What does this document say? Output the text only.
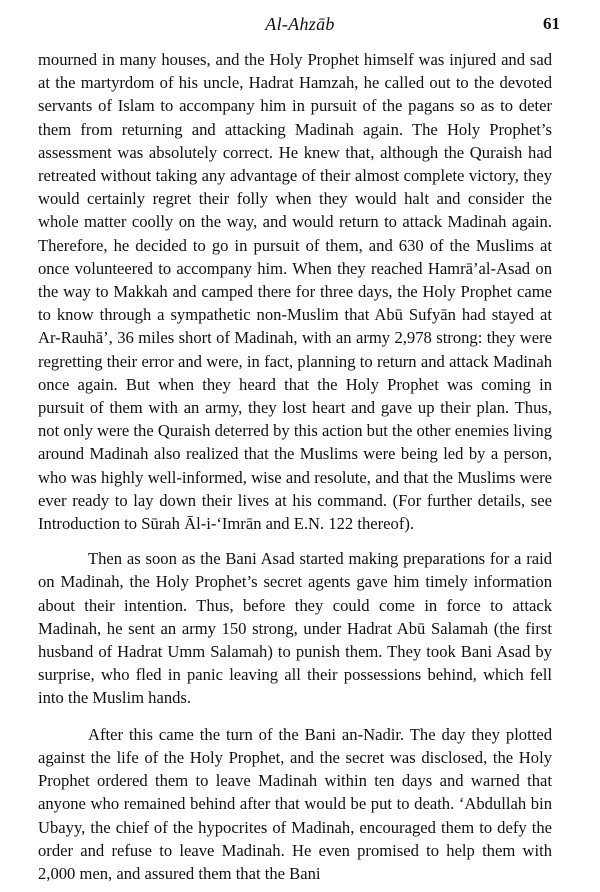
Al-Ahzāb	61

mourned in many houses, and the Holy Prophet himself was injured and sad at the martyrdom of his uncle, Hadrat Hamzah, he called out to the devoted servants of Islam to accompany him in pursuit of the pagans so as to deter them from returning and attacking Madinah again. The Holy Prophet’s assessment was absolutely correct. He knew that, although the Quraish had retreated without taking any advantage of their almost complete victory, they would certainly regret their folly when they would halt and consider the whole matter coolly on the way, and would return to attack Madinah again. Therefore, he decided to go in pursuit of them, and 630 of the Muslims at once volunteered to accompany him. When they reached Hamrā’al-Asad on the way to Makkah and camped there for three days, the Holy Prophet came to know through a sympathetic non-Muslim that Abū Sufyān had stayed at Ar-Rauhā’, 36 miles short of Madinah, with an army 2,978 strong: they were regretting their error and were, in fact, planning to return and attack Madinah once again. But when they heard that the Holy Prophet was coming in pursuit of them with an army, they lost heart and gave up their plan. Thus, not only were the Quraish deterred by this action but the other enemies living around Madinah also realized that the Muslims were being led by a person, who was highly well-informed, wise and resolute, and that the Muslims were ever ready to lay down their lives at his command. (For further details, see Introduction to Sūrah Āl-i-‘Imrān and E.N. 122 thereof).

Then as soon as the Bani Asad started making preparations for a raid on Madinah, the Holy Prophet’s secret agents gave him timely information about their intention. Thus, before they could come in force to attack Madinah, he sent an army 150 strong, under Hadrat Abū Salamah (the first husband of Hadrat Umm Salamah) to punish them. They took Bani Asad by surprise, who fled in panic leaving all their possessions behind, which fell into the Muslim hands.

After this came the turn of the Bani an-Nadir. The day they plotted against the life of the Holy Prophet, and the secret was disclosed, the Holy Prophet ordered them to leave Madinah within ten days and warned that anyone who remained behind after that would be put to death. ‘Abdullah bin Ubayy, the chief of the hypocrites of Madinah, encouraged them to defy the order and refuse to leave Madinah. He even promised to help them with 2,000 men, and assured them that the Bani
